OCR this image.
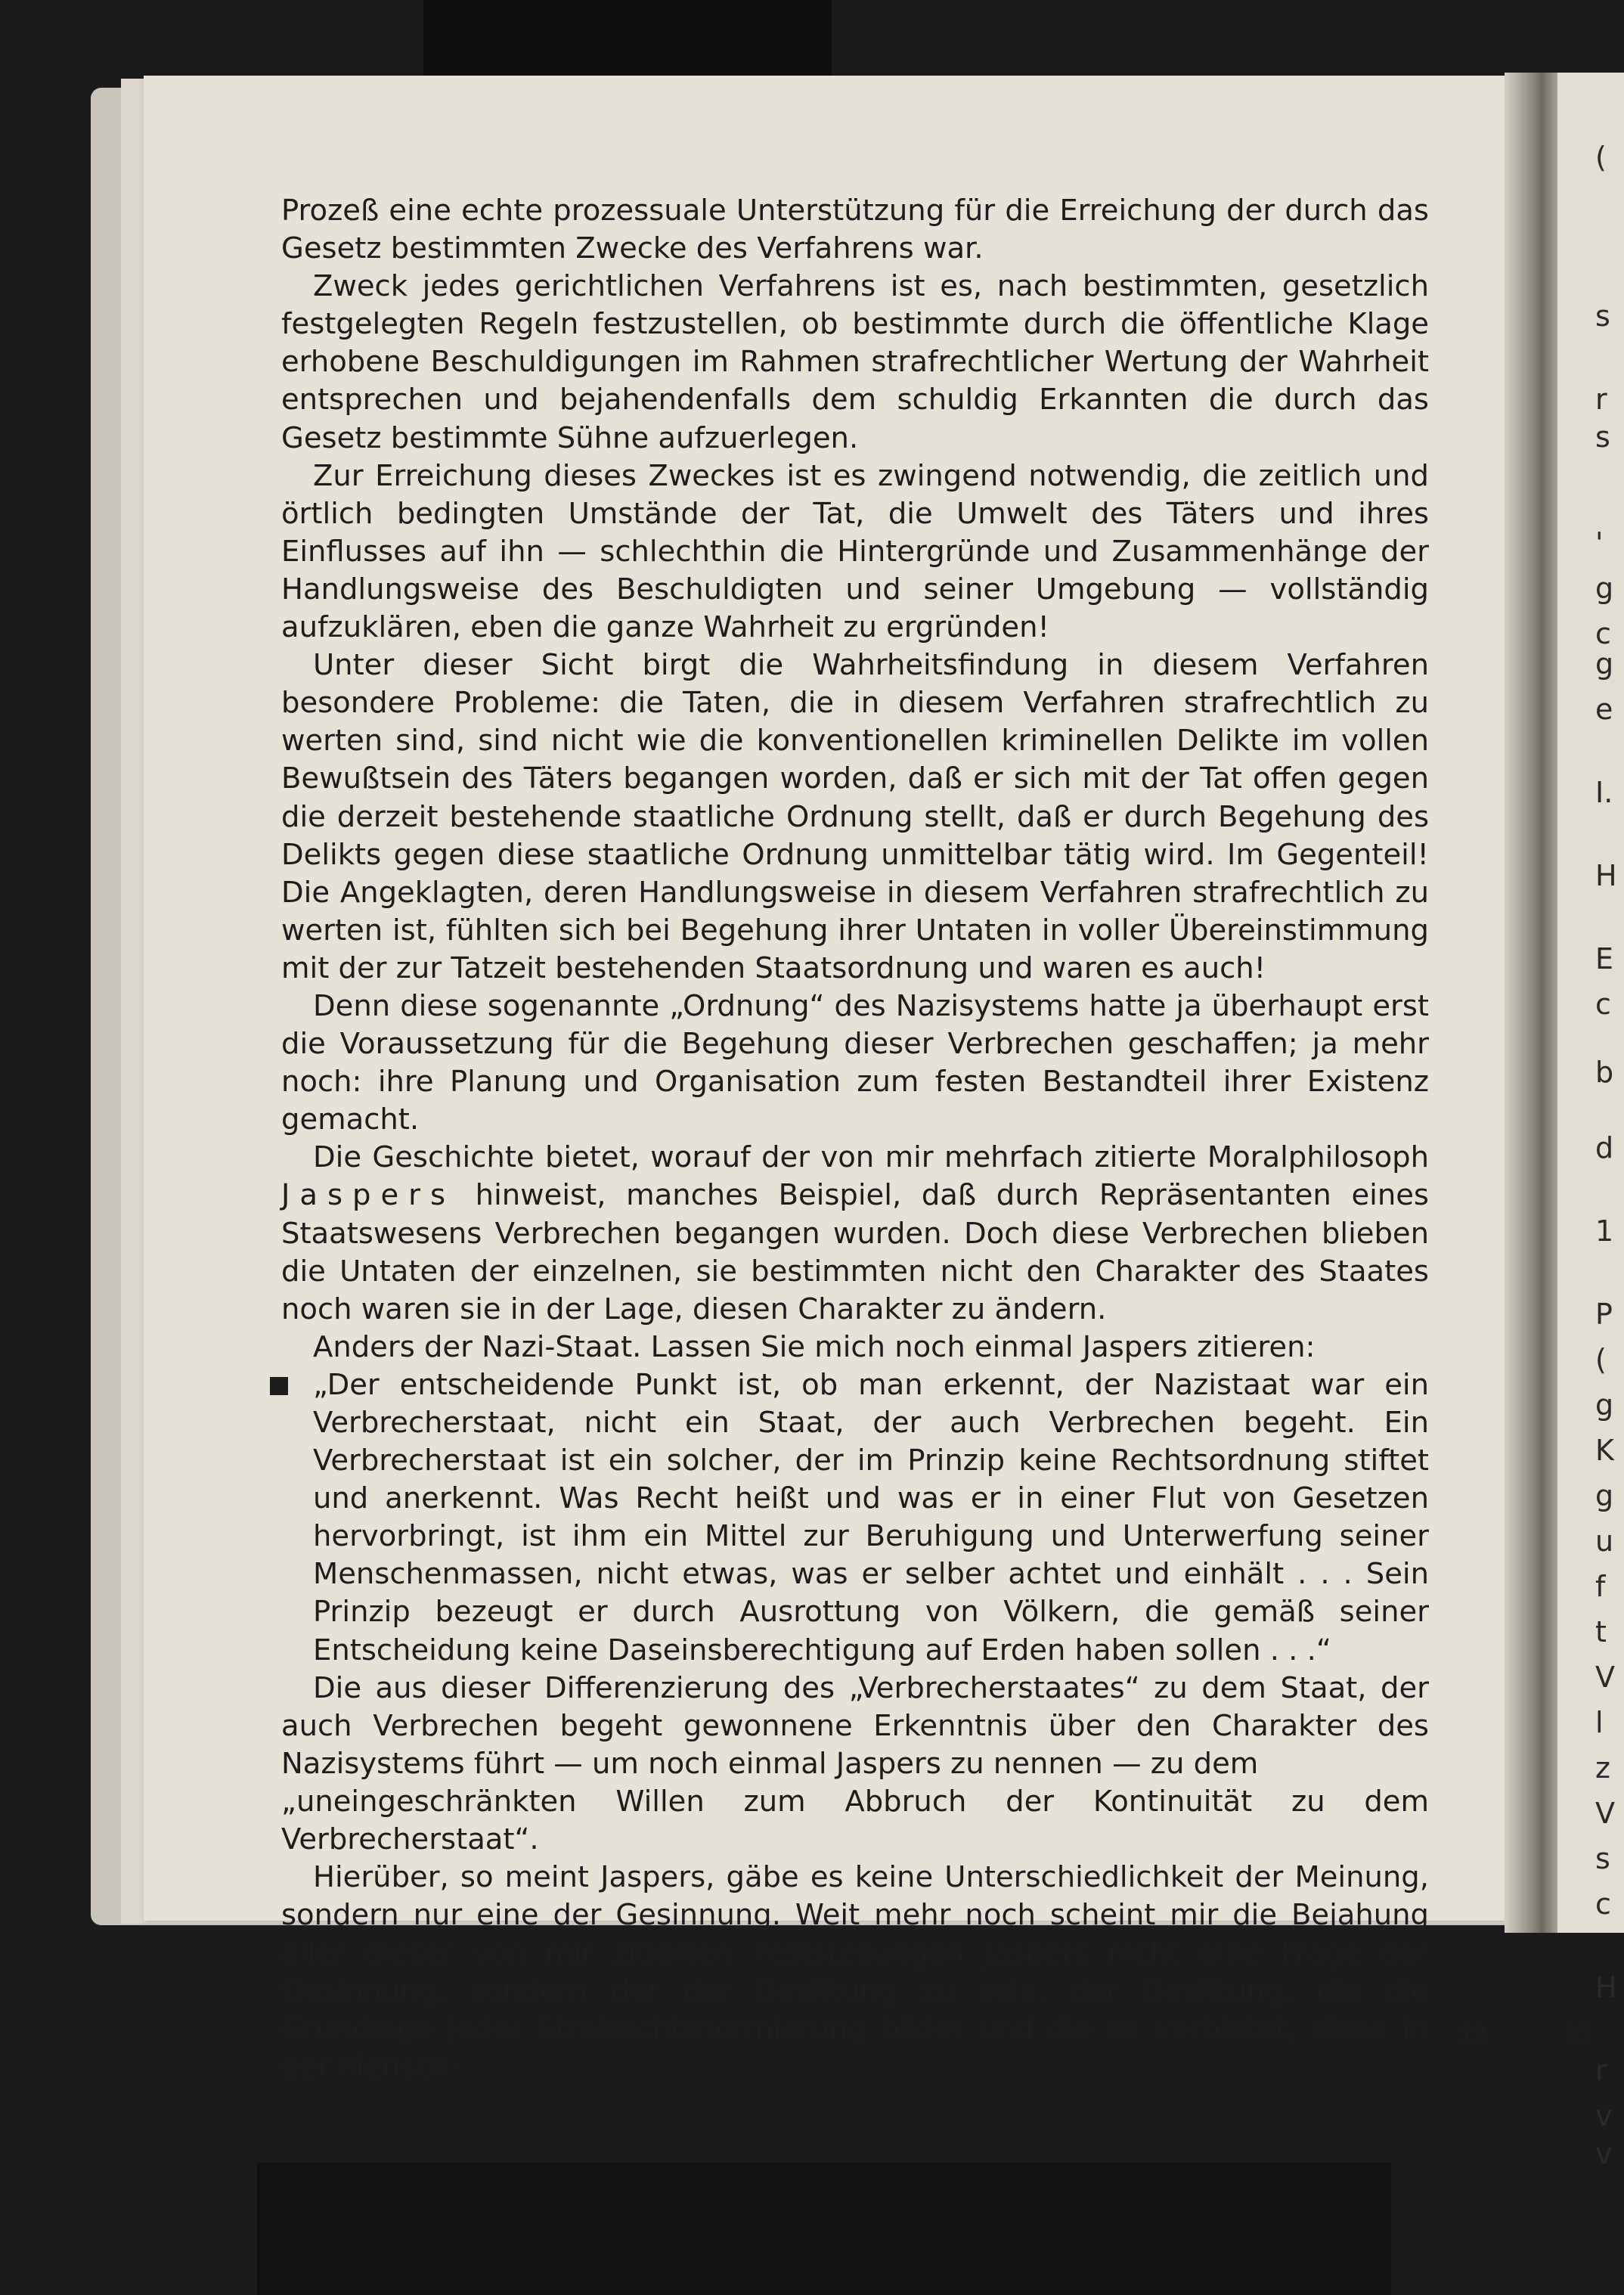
(
s
r
s
'
g
c
g
e
I.
H
E
c
b
d
1
P
(
g
K
g
u
f
t
V
l
z
V
s
c
H
r
v
v

Prozeß eine echte prozessuale Unterstützung für die Erreichung der durch das Gesetz bestimmten Zwecke des Verfahrens war.

Zweck jedes gerichtlichen Verfahrens ist es, nach bestimmten, gesetzlich festgelegten Regeln festzustellen, ob bestimmte durch die öffentliche Klage erhobene Beschuldigungen im Rahmen strafrechtlicher Wertung der Wahrheit entsprechen und bejahendenfalls dem schuldig Erkannten die durch das Gesetz bestimmte Sühne aufzuerlegen.

Zur Erreichung dieses Zweckes ist es zwingend notwendig, die zeitlich und örtlich bedingten Umstände der Tat, die Umwelt des Täters und ihres Einflusses auf ihn — schlechthin die Hintergründe und Zusammenhänge der Handlungsweise des Beschuldigten und seiner Umgebung — vollständig aufzuklären, eben die ganze Wahrheit zu ergründen!

Unter dieser Sicht birgt die Wahrheitsfindung in diesem Verfahren besondere Probleme: die Taten, die in diesem Verfahren strafrechtlich zu werten sind, sind nicht wie die konventionellen kriminellen Delikte im vollen Bewußtsein des Täters begangen worden, daß er sich mit der Tat offen gegen die derzeit bestehende staatliche Ordnung stellt, daß er durch Begehung des Delikts gegen diese staatliche Ordnung unmittelbar tätig wird. Im Gegenteil! Die Angeklagten, deren Handlungsweise in diesem Verfahren strafrechtlich zu werten ist, fühlten sich bei Begehung ihrer Untaten in voller Übereinstimmung mit der zur Tatzeit bestehenden Staatsordnung und waren es auch!

Denn diese sogenannte „Ordnung“ des Nazisystems hatte ja überhaupt erst die Voraussetzung für die Begehung dieser Verbrechen geschaffen; ja mehr noch: ihre Planung und Organisation zum festen Bestandteil ihrer Existenz gemacht.

Die Geschichte bietet, worauf der von mir mehrfach zitierte Moralphilosoph Jaspers hinweist, manches Beispiel, daß durch Repräsentanten eines Staatswesens Verbrechen begangen wurden. Doch diese Verbrechen blieben die Untaten der einzelnen, sie bestimmten nicht den Charakter des Staates noch waren sie in der Lage, diesen Charakter zu ändern.

Anders der Nazi-Staat. Lassen Sie mich noch einmal Jaspers zitieren:

„Der entscheidende Punkt ist, ob man erkennt, der Nazistaat war ein Verbrecherstaat, nicht ein Staat, der auch Verbrechen begeht. Ein Verbrecherstaat ist ein solcher, der im Prinzip keine Rechtsordnung stiftet und anerkennt. Was Recht heißt und was er in einer Flut von Gesetzen hervorbringt, ist ihm ein Mittel zur Beruhigung und Unterwerfung seiner Menschenmassen, nicht etwas, was er selber achtet und einhält . . . Sein Prinzip bezeugt er durch Ausrottung von Völkern, die gemäß seiner Entscheidung keine Daseinsberechtigung auf Erden haben sollen . . .“

Die aus dieser Differenzierung des „Verbrecherstaates“ zu dem Staat, der auch Verbrechen begeht gewonnene Erkenntnis über den Charakter des Nazisystems führt — um noch einmal Jaspers zu nennen — zu dem

„uneingeschränkten Willen zum Abbruch der Kontinuität zu dem Verbrecherstaat“.

Hierüber, so meint Jaspers, gäbe es keine Unterschiedlichkeit der Meinung, sondern nur eine der Gesinnung. Weit mehr noch scheint mir die Bejahung aller dieser von mir zitierten Feststellungen Jaspers nicht eine Frage der Gesinnung, sondern der der Gesittung zu sein, der Gesittung, die die Grundlage jeder Strafrechtsnormierung bildet und die es verbietet, diese in der Mensch-

12	13
